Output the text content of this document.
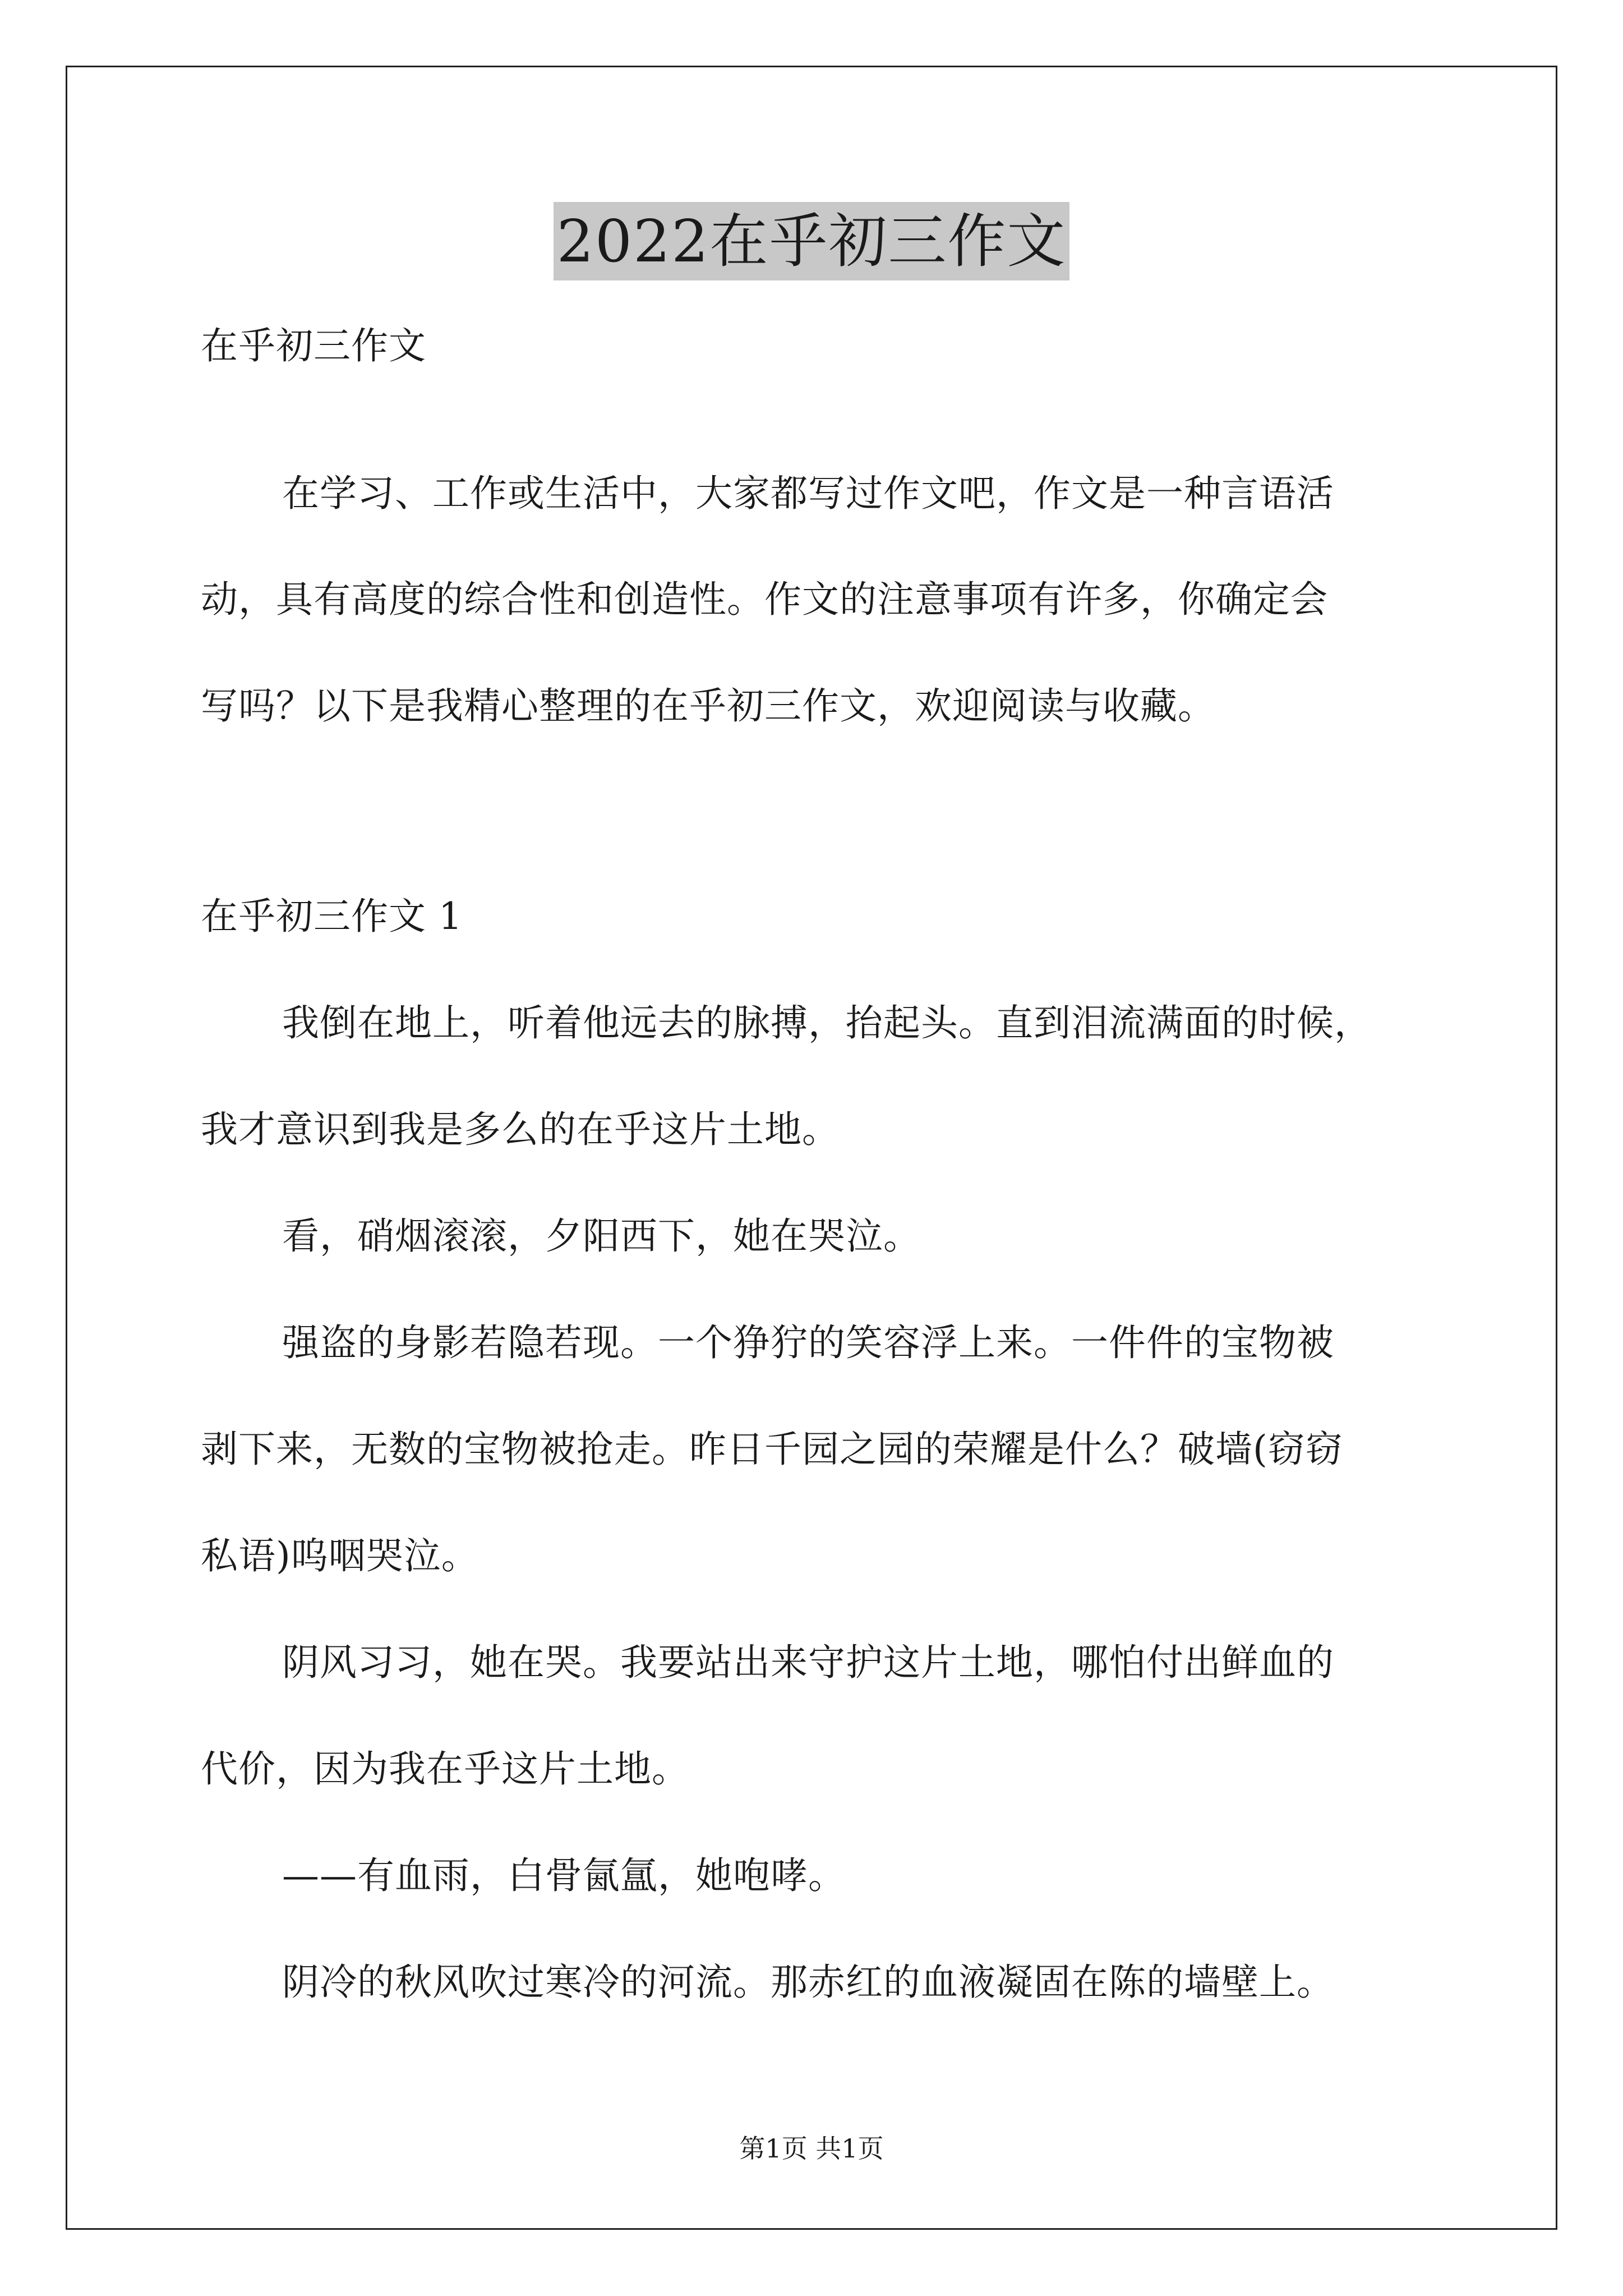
2022在乎初三作文
在乎初三作文
在学习、工作或生活中，大家都写过作文吧，作文是一种言语活
动，具有高度的综合性和创造性。作文的注意事项有许多，你确定会
写吗？以下是我精心整理的在乎初三作文，欢迎阅读与收藏。
在乎初三作文 1
我倒在地上，听着他远去的脉搏，抬起头。直到泪流满面的时候，
我才意识到我是多么的在乎这片土地。
看，硝烟滚滚，夕阳西下，她在哭泣。
强盗的身影若隐若现。一个狰狞的笑容浮上来。一件件的宝物被
剥下来，无数的宝物被抢走。昨日千园之园的荣耀是什么？破墙(窃窃
私语)呜咽哭泣。
阴风习习，她在哭。我要站出来守护这片土地，哪怕付出鲜血的
代价，因为我在乎这片土地。
——有血雨，白骨氤氲，她咆哮。
阴冷的秋风吹过寒冷的河流。那赤红的血液凝固在陈的墙壁上。
第1页 共1页
